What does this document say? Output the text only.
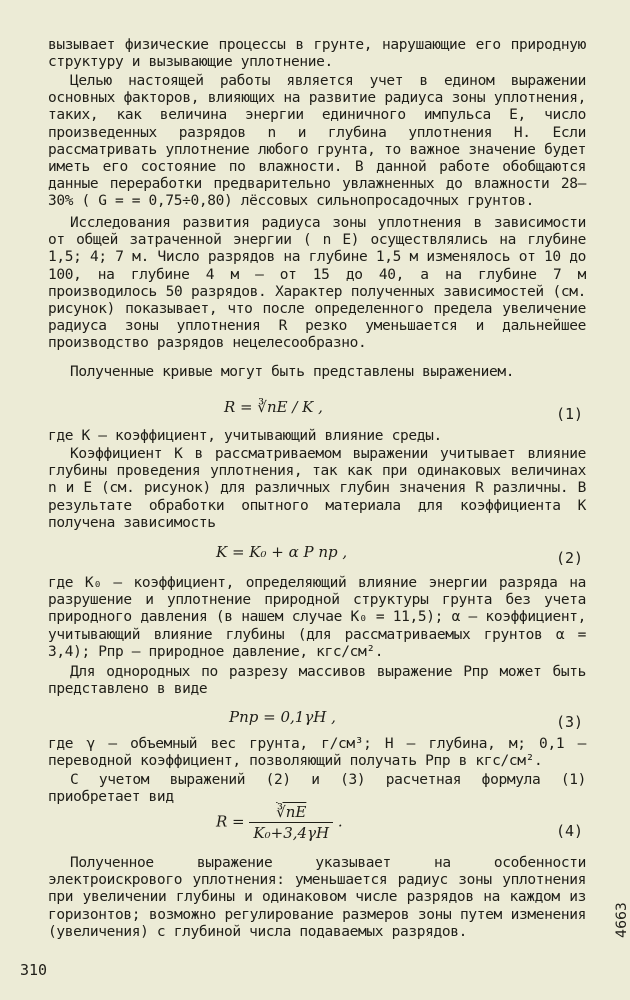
вызывает физические процессы в грунте, нарушающие его природную структуру и вызывающие уплотнение.

Целью настоящей работы является учет в едином выражении основных факторов, влияющих на развитие радиуса зоны уплотнения, таких, как величина энергии единичного импульса Е, число произведенных разрядов n и глубина уплотнения Н. Если рассматривать уплотнение любого грунта, то важное значение будет иметь его состояние по влажности. В данной работе обобщаются данные переработки предварительно увлажненных до влажности 28–30% ( G = = 0,75÷0,80) лёссовых сильнопросадочных грунтов.

Исследования развития радиуса зоны уплотнения в зависимости от общей затраченной энергии ( n Е) осуществлялись на глубине 1,5; 4; 7 м. Число разрядов на глубине 1,5 м изменялось от 10 до 100, на глубине 4 м – от 15 до 40, а на глубине 7 м производилось 50 разрядов. Характер полученных зависимостей (см. рисунок) показывает, что после определенного предела увеличение радиуса зоны уплотнения R резко уменьшается и дальнейшее производство разрядов нецелесообразно.

Полученные кривые могут быть представлены выражением.

R = ∛nE / K ,	(1)

где K – коэффициент, учитывающий влияние среды.

Коэффициент K в рассматриваемом выражении учитывает влияние глубины проведения уплотнения, так как при одинаковых величинах n и E (см. рисунок) для различных глубин значения R различны. В результате обработки опытного материала для коэффициента K получена зависимость

K = K₀ + α P пр ,	(2)

где K₀ – коэффициент, определяющий влияние энергии разряда на разрушение и уплотнение природной структуры грунта без учета природного давления (в нашем случае K₀ = 11,5); α – коэффициент, учитывающий влияние глубины (для рассматриваемых грунтов α = 3,4); Pпр – природное давление, кгс/см².

Для однородных по разрезу массивов выражение Pпр может быть представлено в виде

Pпр = 0,1γH ,	(3)

где γ – объемный вес грунта, г/см³; H – глубина, м; 0,1 – переводной коэффициент, позволяющий получать Pпр в кгс/см².

С учетом выражений (2) и (3) расчетная формула (1) приобретает вид

$R = \frac{∛nE}{\text{K₀+3,4γH}}$ .
(4)

Полученное выражение указывает на особенности электроискрового уплотнения: уменьшается радиус зоны уплотнения при увеличении глубины и одинаковом числе разрядов на каждом из горизонтов; возможно регулирование размеров зоны путем изменения (увеличения) с глубиной числа подаваемых разрядов.

310
4663
